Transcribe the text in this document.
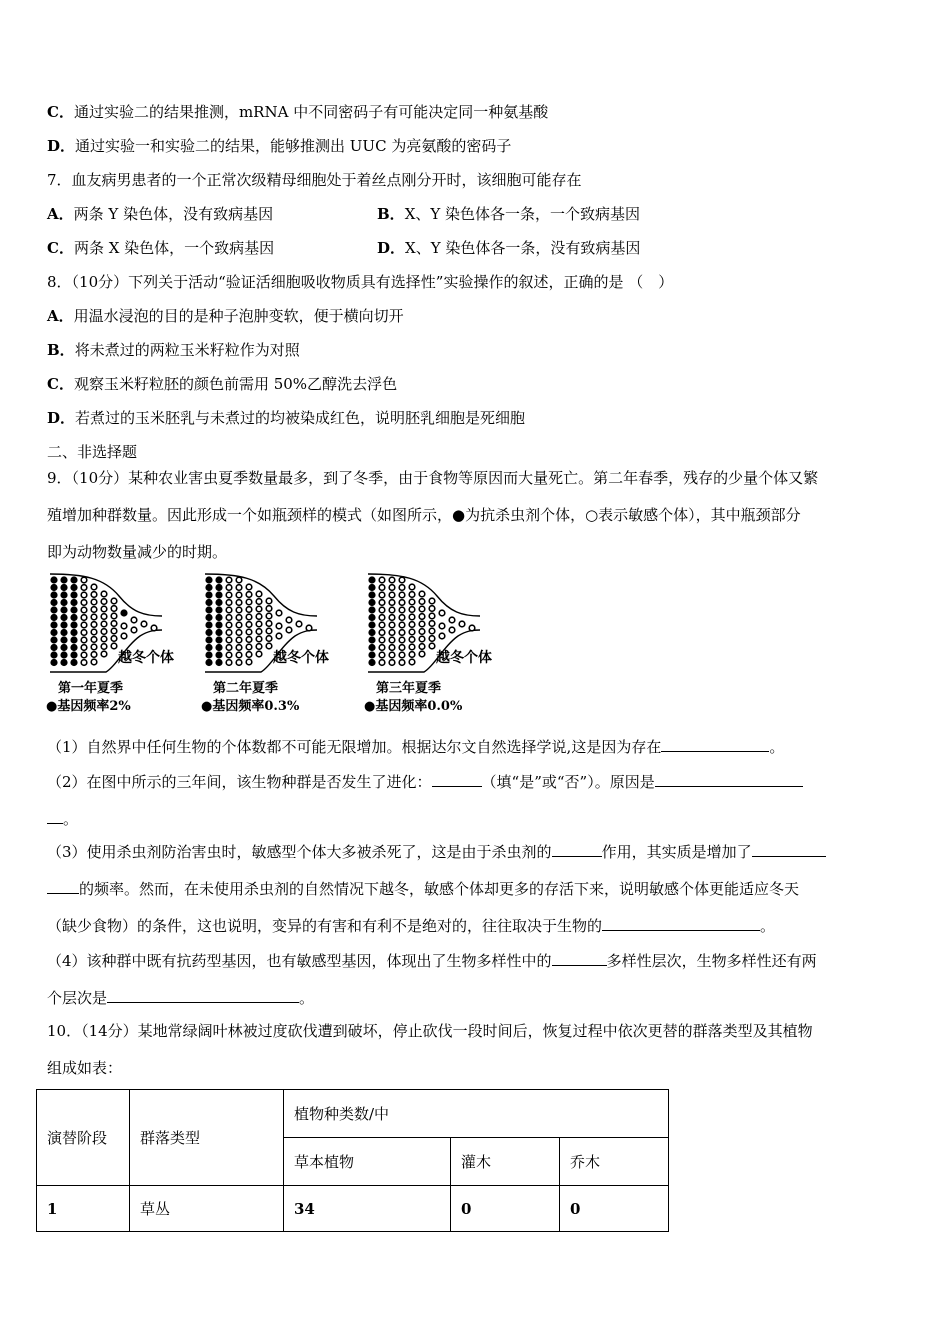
C．通过实验二的结果推测，mRNA 中不同密码子有可能决定同一种氨基酸
D．通过实验一和实验二的结果，能够推测出 UUC 为亮氨酸的密码子
7．血友病男患者的一个正常次级精母细胞处于着丝点刚分开时，该细胞可能存在
A．两条 Y 染色体，没有致病基因	B．X、Y 染色体各一条，一个致病基因
C．两条 X 染色体，一个致病基因	D．X、Y 染色体各一条，没有致病基因
8．（10分）下列关于活动“验证活细胞吸收物质具有选择性”实验操作的叙述，正确的是 （　）
A．用温水浸泡的目的是种子泡肿变软，便于横向切开
B．将未煮过的两粒玉米籽粒作为对照
C．观察玉米籽粒胚的颜色前需用 50%乙醇洗去浮色
D．若煮过的玉米胚乳与未煮过的均被染成红色，说明胚乳细胞是死细胞
二、非选择题
9．（10分）某种农业害虫夏季数量最多，到了冬季，由于食物等原因而大量死亡。第二年春季，残存的少量个体又繁
殖增加种群数量。因此形成一个如瓶颈样的模式（如图所示，●为抗杀虫剂个体，○表示敏感个体），其中瓶颈部分
即为动物数量减少的时期。
越冬个体
第一年夏季
●基因频率2%
越冬个体
第二年夏季
●基因频率0.3%
越冬个体
第三年夏季
●基因频率0.0%
（1）自然界中任何生物的个体数都不可能无限增加。根据达尔文自然选择学说,这是因为存在	。
（2）在图中所示的三年间，该生物种群是否发生了进化：	（填“是”或“否”）。原因是
。
（3）使用杀虫剂防治害虫时，敏感型个体大多被杀死了，这是由于杀虫剂的	作用，其实质是增加了
的频率。然而，在未使用杀虫剂的自然情况下越冬，敏感个体却更多的存活下来，说明敏感个体更能适应冬天
（缺少食物）的条件，这也说明，变异的有害和有利不是绝对的，往往取决于生物的	。
（4）该种群中既有抗药型基因，也有敏感型基因，体现出了生物多样性中的	多样性层次，生物多样性还有两
个层次是	。
10．（14分）某地常绿阔叶林被过度砍伐遭到破坏，停止砍伐一段时间后，恢复过程中依次更替的群落类型及其植物
组成如表：
演替阶段	群落类型	植物种类数/中		
		草本植物	灌木	乔木
1	草丛	34	0	0
